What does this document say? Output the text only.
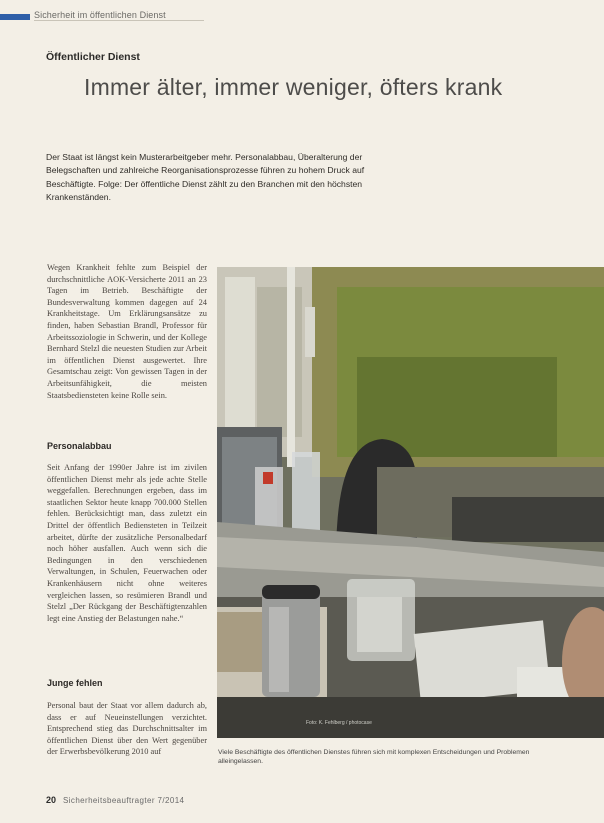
Sicherheit im öffentlichen Dienst
Öffentlicher Dienst
Immer älter, immer weniger, öfters krank
Der Staat ist längst kein Musterarbeitgeber mehr. Personalabbau, Überalterung der Belegschaften und zahlreiche Reorganisationsprozesse führen zu hohem Druck auf Beschäftigte. Folge: Der öffentliche Dienst zählt zu den Branchen mit den höchsten Krankenständen.

Wegen Krankheit fehlte zum Beispiel der durchschnittliche AOK-Versicherte 2011 an 23 Tagen im Betrieb. Beschäftigte der Bundesverwaltung kommen dagegen auf 24 Krankheitstage. Um Erklärungsansätze zu finden, haben Sebastian Brandl, Professor für Arbeitssoziologie in Schwerin, und der Kollege Bernhard Stelzl die neuesten Studien zur Arbeit im öffentlichen Dienst ausgewertet. Ihre Gesamtschau zeigt: Von gewissen Tagen in der Arbeitsunfähigkeit, die meisten Staatsbediensteten keine Rolle sein.

Personalabbau

Seit Anfang der 1990er Jahre ist im zivilen öffentlichen Dienst mehr als jede achte Stelle weggefallen. Berechnungen ergeben, dass im staatlichen Sektor heute knapp 700.000 Stellen fehlen. Berücksichtigt man, dass zuletzt ein Drittel der öffentlich Bediensteten in Teilzeit arbeitet, dürfte der zusätzliche Personalbedarf noch höher ausfallen. Auch wenn sich die Bedingungen in den verschiedenen Verwaltungen, in Schulen, Feuerwachen oder Krankenhäusern nicht ohne weiteres vergleichen lassen, so resümieren Brandl und Stelzl „Der Rückgang der Beschäftigtenzahlen legt eine Anstieg der Belastungen nahe.“

Junge fehlen

Personal baut der Staat vor allem dadurch ab, dass er auf Neueinstellungen verzichtet. Entsprechend stieg das Durchschnittsalter im öffentlichen Dienst über den Wert gegenüber der Erwerbsbevölkerung 2010 auf

Foto: K. Fehlberg / photocase
Viele Beschäftigte des öffentlichen Dienstes führen sich mit komplexen Entscheidungen und Problemen alleingelassen.
20 Sicherheitsbeauftragter 7/2014
